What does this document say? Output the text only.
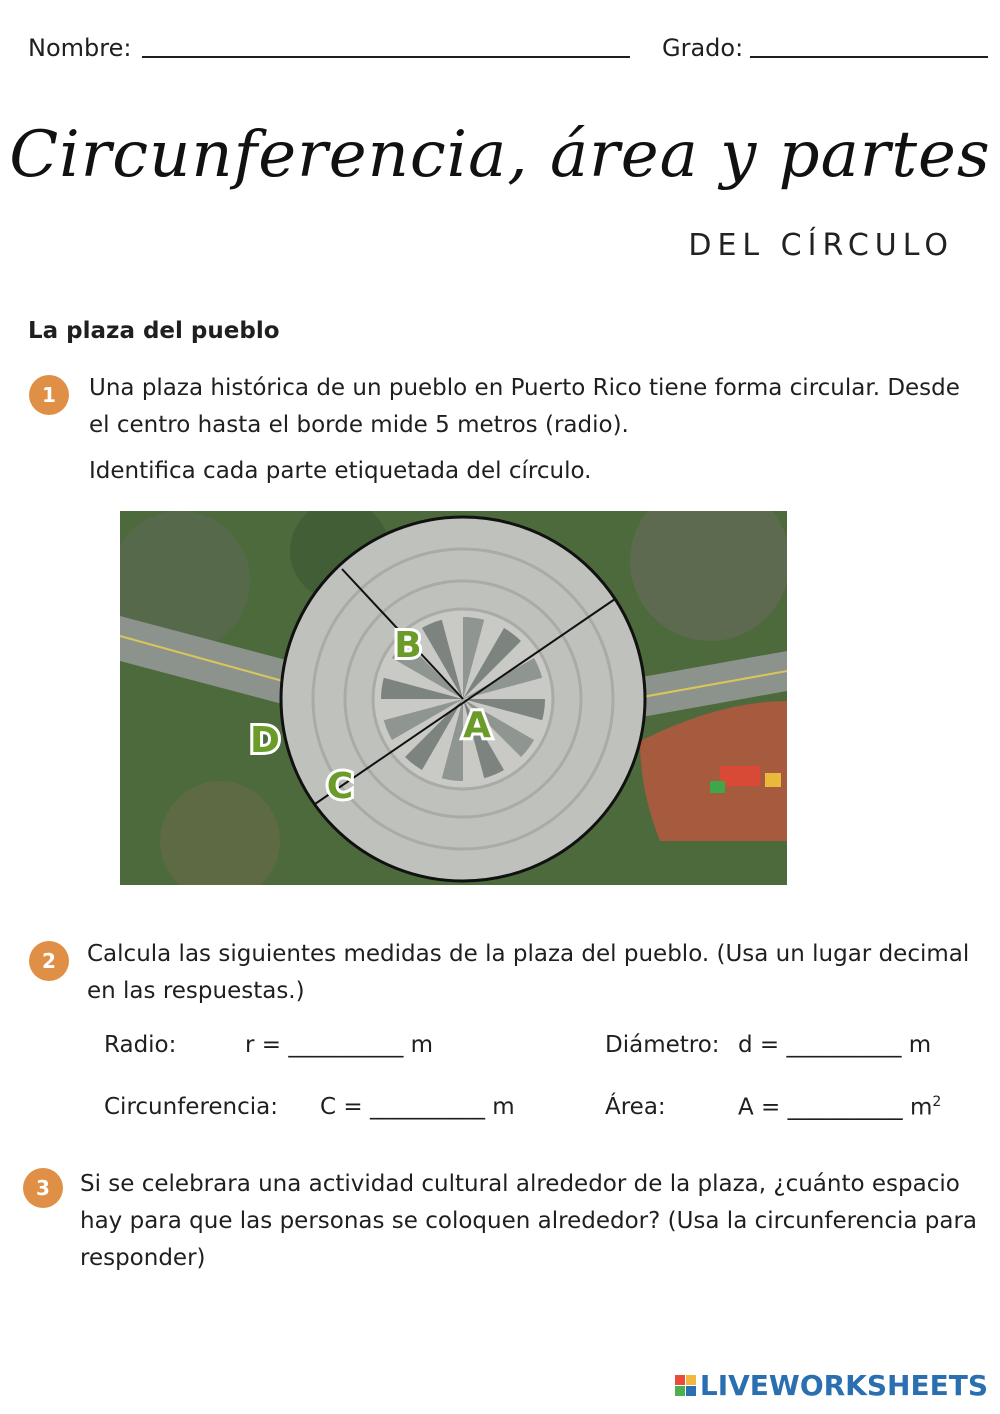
Nombre:	Grado:
Circunferencia, área y partes
DEL CÍRCULO
La plaza del pueblo
1	Una plaza histórica de un pueblo en Puerto Rico tiene forma circular. Desde el centro hasta el borde mide 5 metros (radio).
Identifica cada parte etiquetada del círculo.
A
B
C
D
2	Calcula las siguientes medidas de la plaza del pueblo. (Usa un lugar decimal en las respuestas.)
Radio:	r = __________ m	Diámetro: d = __________ m
Circunferencia: C = __________ m	Área:	A = __________ $m^2$
3	Si se celebrara una actividad cultural alrededor de la plaza, ¿cuánto espacio hay para que las personas se coloquen alrededor? (Usa la circunferencia para responder)
LIVEWORKSHEETS
